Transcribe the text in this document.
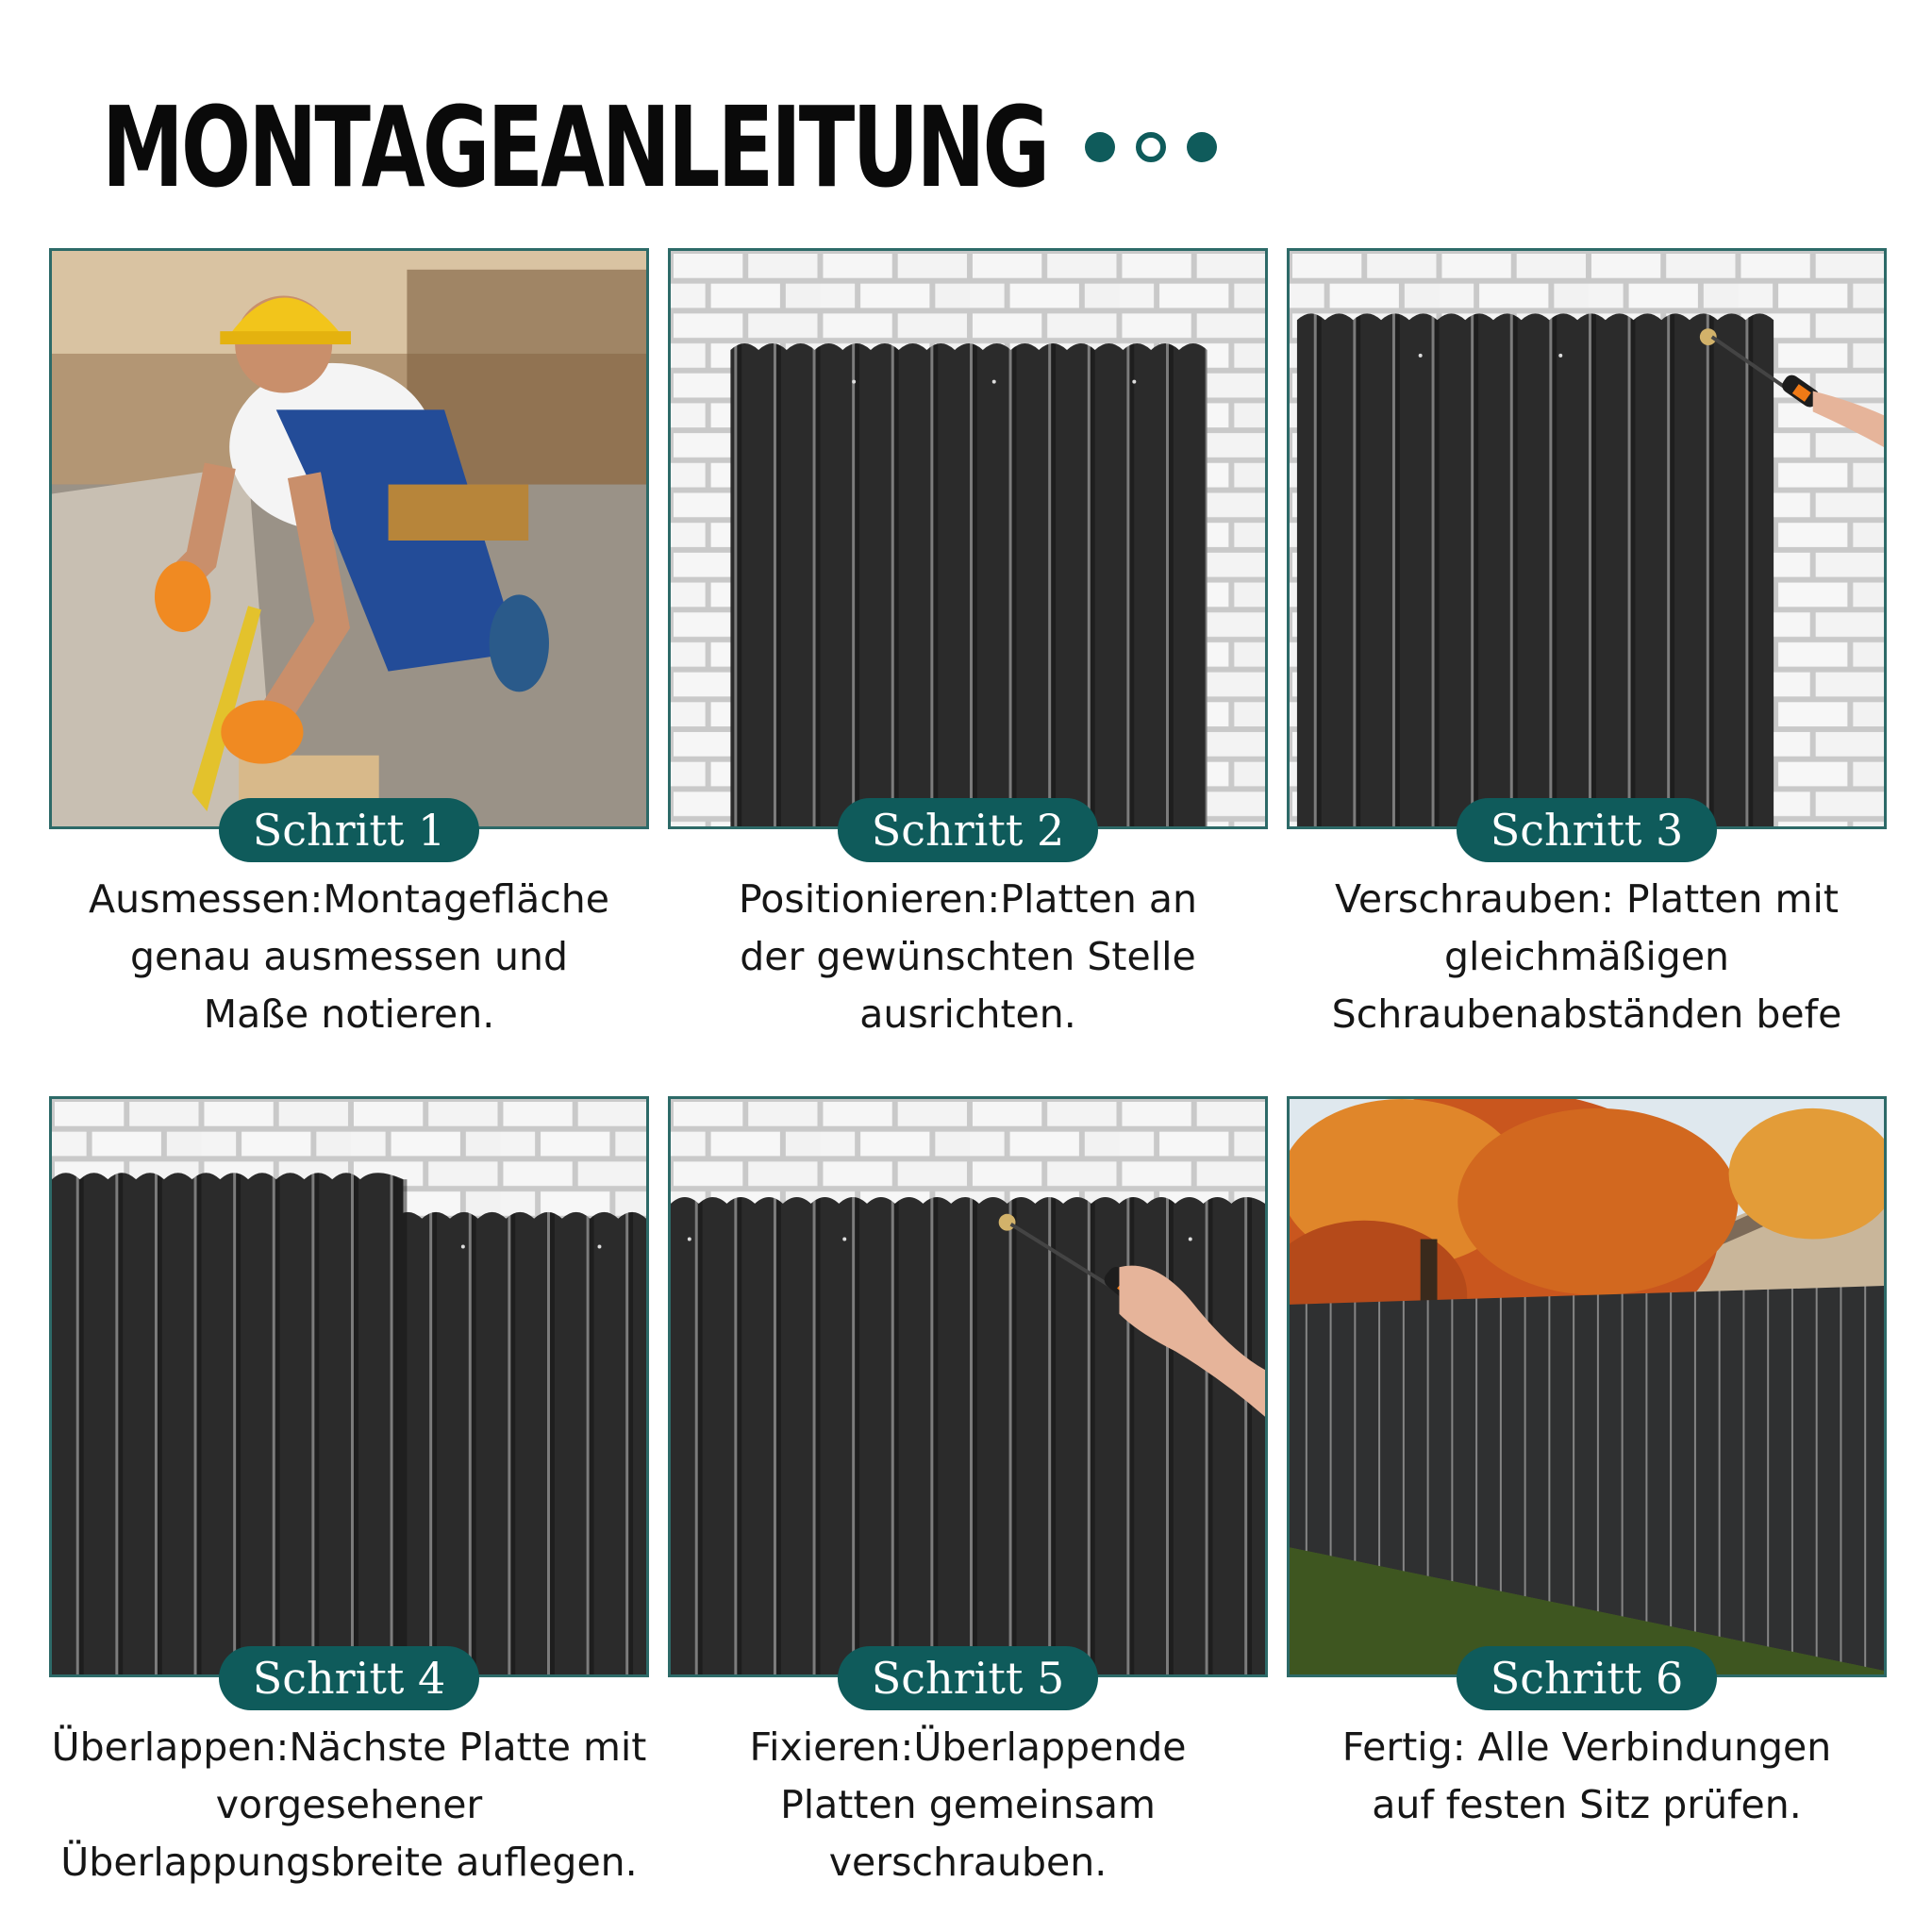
MONTAGEANLEITUNG
Schritt 1

Ausmessen:Montagefläche
genau ausmessen und
Maße notieren.

Schritt 2

Positionieren:Platten an
der gewünschten Stelle
ausrichten.

Schritt 3

Verschrauben: Platten mit
gleichmäßigen
Schraubenabständen befe

Schritt 4

Überlappen:Nächste Platte mit
vorgesehener
Überlappungsbreite auflegen.

Schritt 5

Fixieren:Überlappende
Platten gemeinsam
verschrauben.

Schritt 6

Fertig: Alle Verbindungen
auf festen Sitz prüfen.
